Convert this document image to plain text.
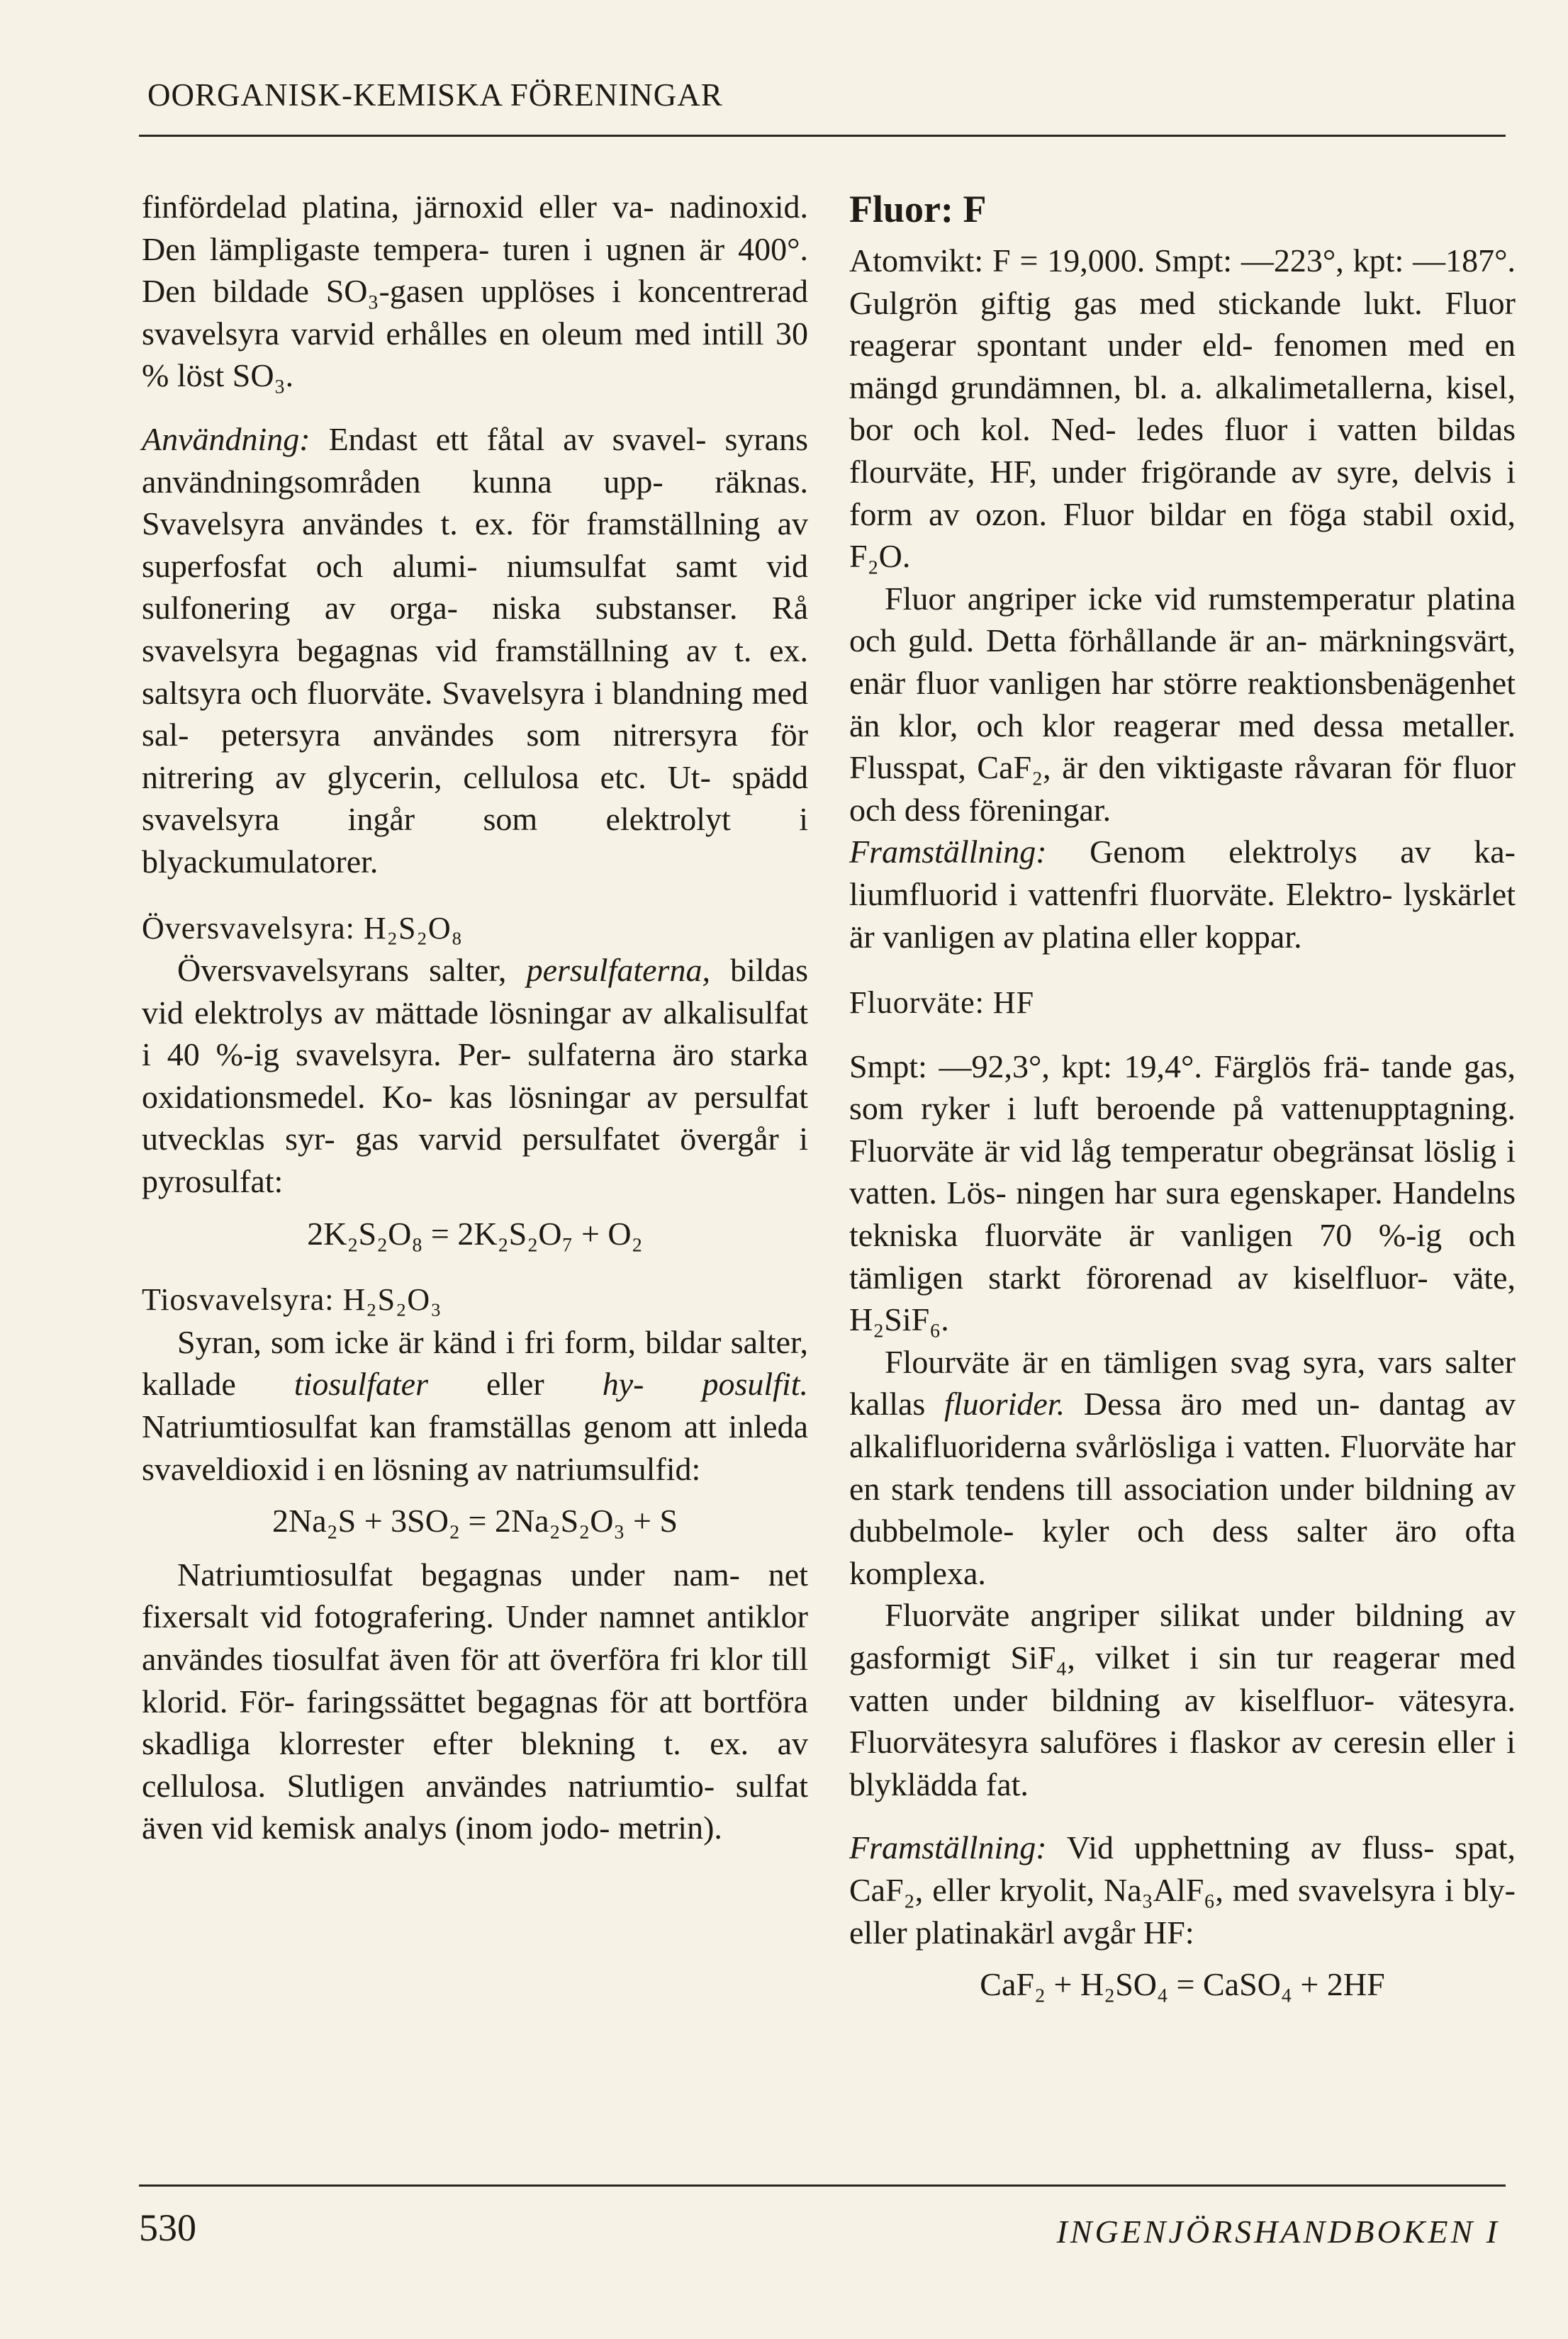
OORGANISK-KEMISKA FÖRENINGAR

finfördelad platina, järnoxid eller va- nadinoxid. Den lämpligaste tempera- turen i ugnen är 400°. Den bildade SO₃-gasen upplöses i koncentrerad svavelsyra varvid erhålles en oleum med intill 30 % löst SO₃.

Användning: Endast ett fåtal av svavel- syrans användningsområden kunna upp- räknas. Svavelsyra användes t. ex. för framställning av superfosfat och alumi- niumsulfat samt vid sulfonering av orga- niska substanser. Rå svavelsyra begagnas vid framställning av t. ex. saltsyra och fluorväte. Svavelsyra i blandning med sal- petersyra användes som nitrersyra för nitrering av glycerin, cellulosa etc. Ut- spädd svavelsyra ingår som elektrolyt i blyackumulatorer.

Översvavelsyra: H₂S₂O₈

Översvavelsyrans salter, persulfaterna, bildas vid elektrolys av mättade lösningar av alkalisulfat i 40 %-ig svavelsyra. Per- sulfaterna äro starka oxidationsmedel. Ko- kas lösningar av persulfat utvecklas syr- gas varvid persulfatet övergår i pyrosulfat:

2K₂S₂O₈ = 2K₂S₂O₇ + O₂
Tiosvavelsyra: H₂S₂O₃

Syran, som icke är känd i fri form, bildar salter, kallade tiosulfater eller hy- posulfit. Natriumtiosulfat kan framställas genom att inleda svaveldioxid i en lösning av natriumsulfid:

2Na₂S + 3SO₂ = 2Na₂S₂O₃ + S

Natriumtiosulfat begagnas under nam- net fixersalt vid fotografering. Under namnet antiklor användes tiosulfat även för att överföra fri klor till klorid. För- faringssättet begagnas för att bortföra skadliga klorrester efter blekning t. ex. av cellulosa. Slutligen användes natriumtio- sulfat även vid kemisk analys (inom jodo- metrin).

Fluor: F

Atomvikt: F = 19,000. Smpt: —223°, kpt: —187°. Gulgrön giftig gas med stickande lukt. Fluor reagerar spontant under eld- fenomen med en mängd grundämnen, bl. a. alkalimetallerna, kisel, bor och kol. Ned- ledes fluor i vatten bildas flourväte, HF, under frigörande av syre, delvis i form av ozon. Fluor bildar en föga stabil oxid, F₂O.

Fluor angriper icke vid rumstemperatur platina och guld. Detta förhållande är an- märkningsvärt, enär fluor vanligen har större reaktionsbenägenhet än klor, och klor reagerar med dessa metaller. Flusspat, CaF₂, är den viktigaste råvaran för fluor och dess föreningar.

Framställning: Genom elektrolys av ka- liumfluorid i vattenfri fluorväte. Elektro- lyskärlet är vanligen av platina eller koppar.

Fluorväte: HF

Smpt: —92,3°, kpt: 19,4°. Färglös frä- tande gas, som ryker i luft beroende på vattenupptagning. Fluorväte är vid låg temperatur obegränsat löslig i vatten. Lös- ningen har sura egenskaper. Handelns tekniska fluorväte är vanligen 70 %-ig och tämligen starkt förorenad av kiselfluor- väte, H₂SiF₆.

Flourväte är en tämligen svag syra, vars salter kallas fluorider. Dessa äro med un- dantag av alkalifluoriderna svårlösliga i vatten. Fluorväte har en stark tendens till association under bildning av dubbelmole- kyler och dess salter äro ofta komplexa.

Fluorväte angriper silikat under bildning av gasformigt SiF₄, vilket i sin tur reagerar med vatten under bildning av kiselfluor- vätesyra. Fluorvätesyra saluföres i flaskor av ceresin eller i blyklädda fat.

Framställning: Vid upphettning av fluss- spat, CaF₂, eller kryolit, Na₃AlF₆, med svavelsyra i bly- eller platinakärl avgår HF:

CaF₂ + H₂SO₄ = CaSO₄ + 2HF
530	INGENJÖRSHANDBOKEN I
